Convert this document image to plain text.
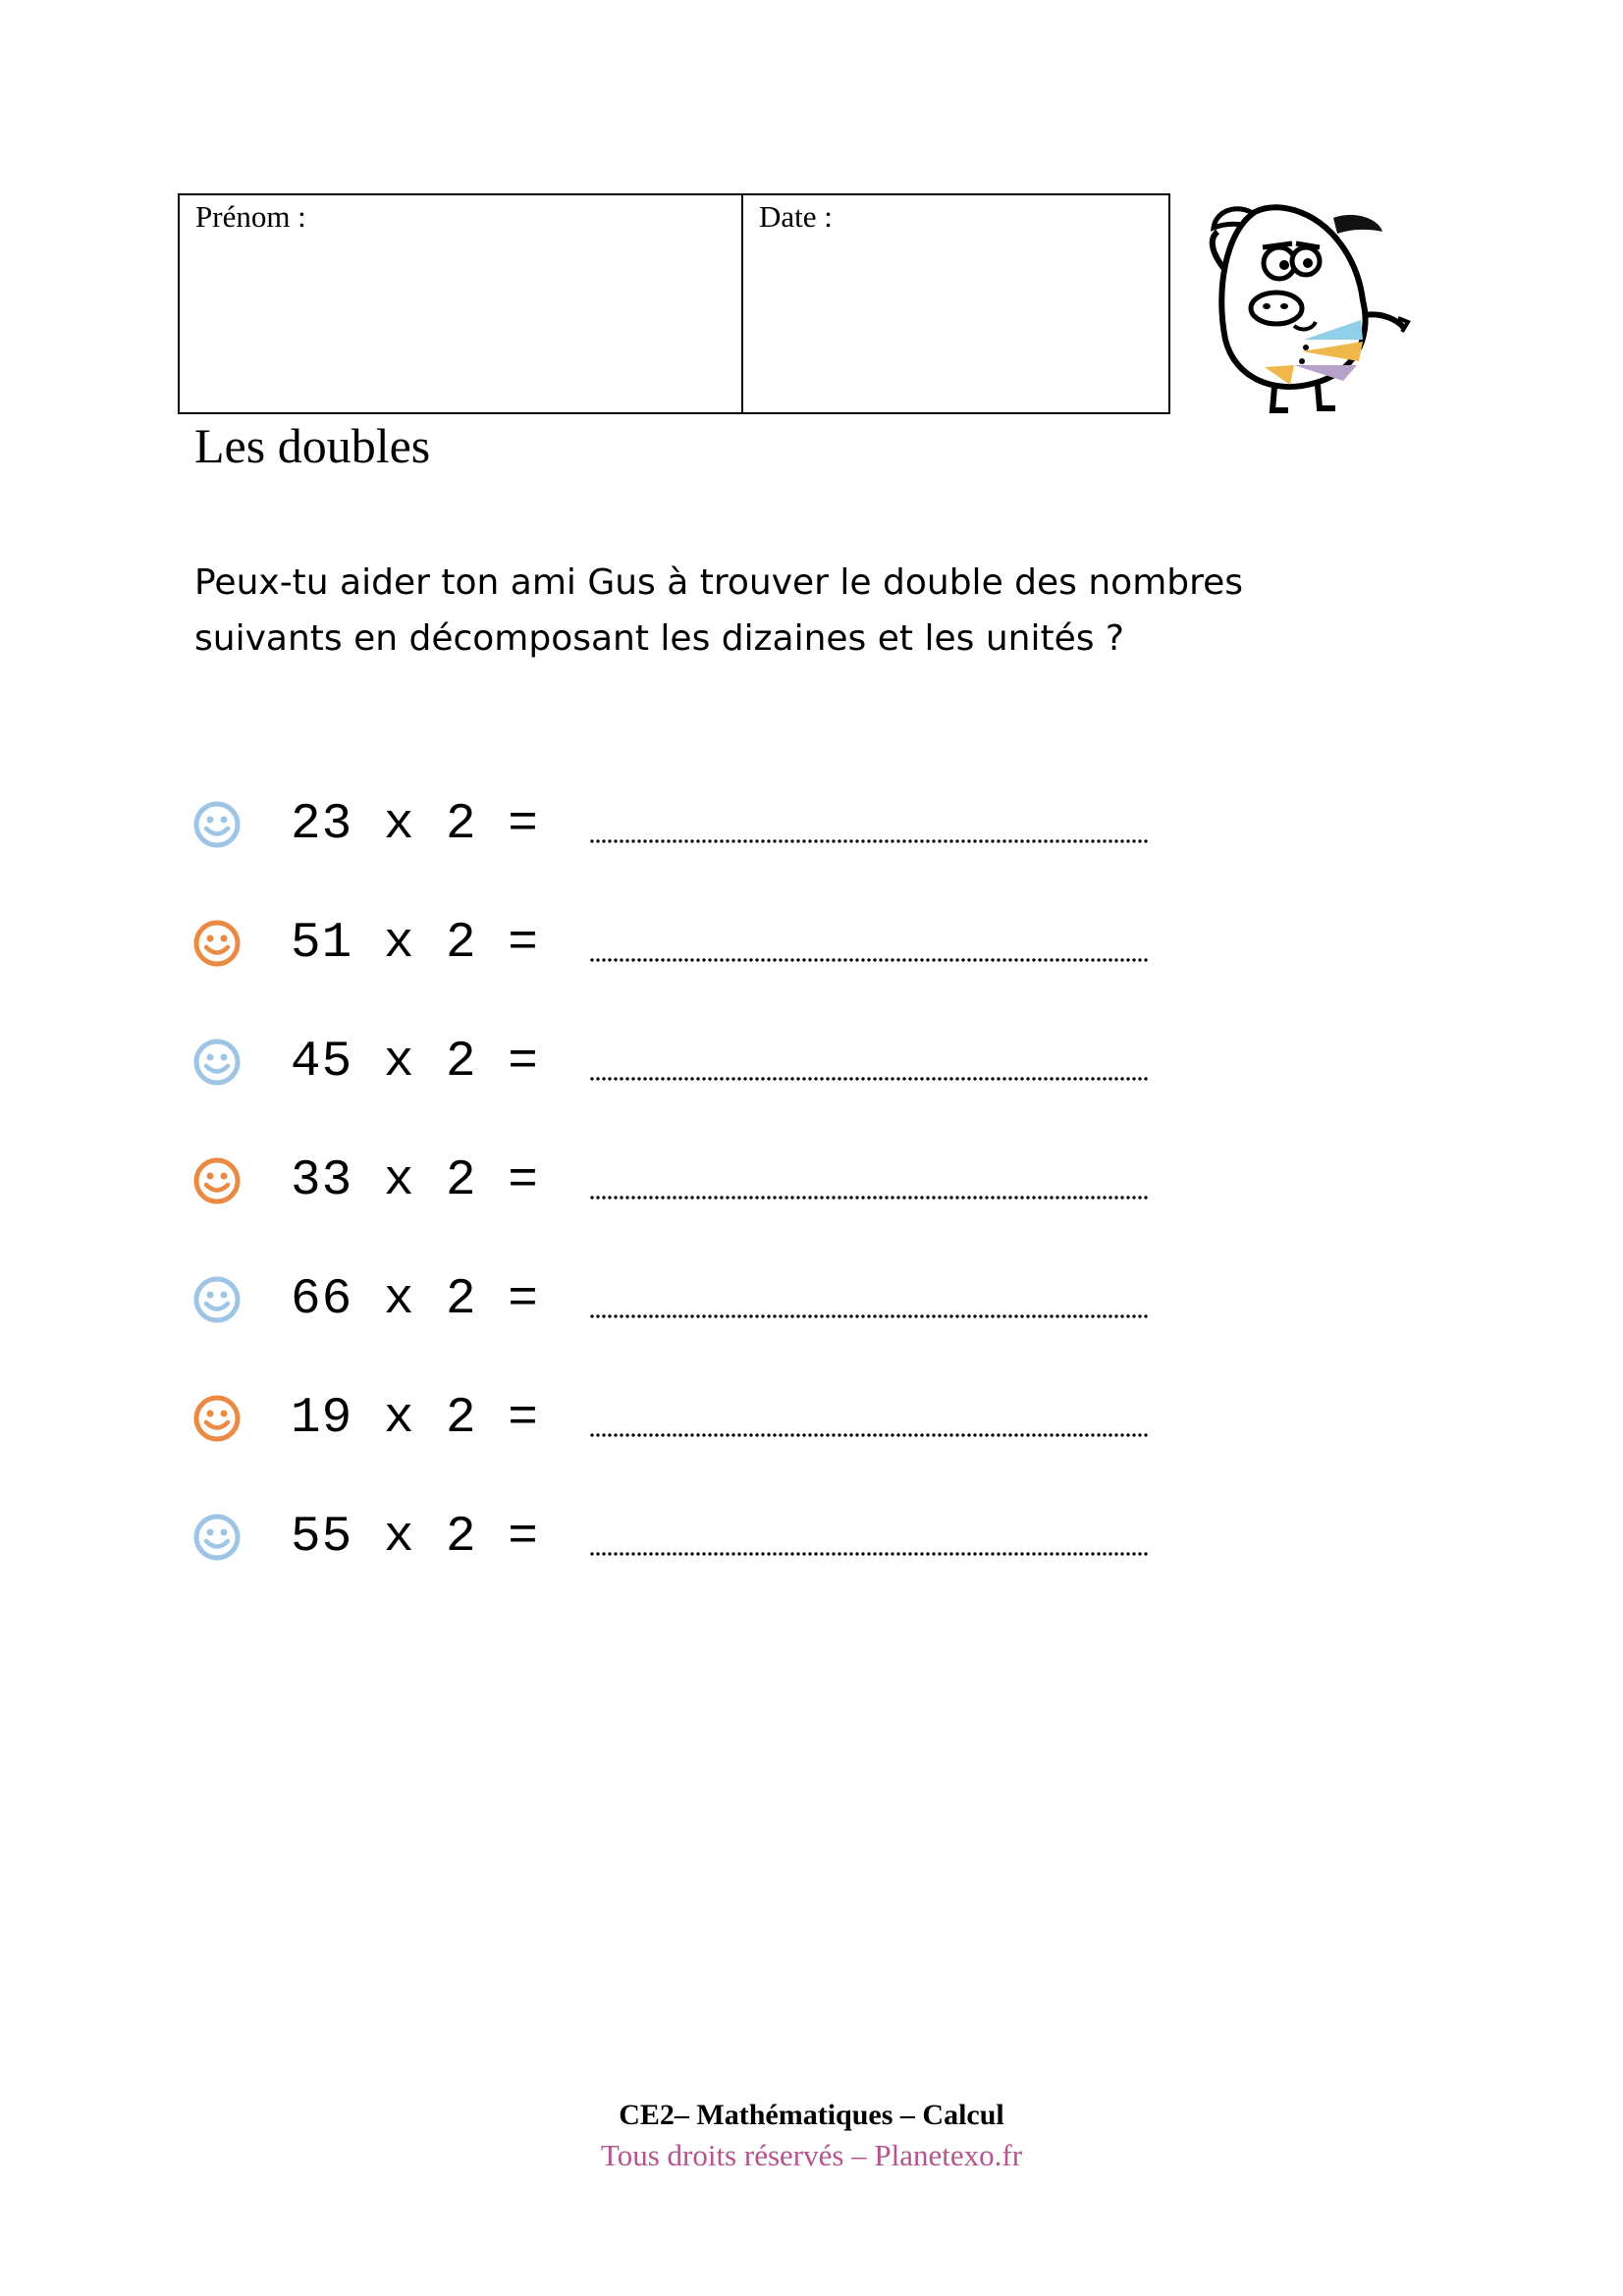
Prénom :	Date :
Les doubles
Peux-tu aider ton ami Gus à trouver le double des nombres
suivants en décomposant les dizaines et les unités ?
23 x 2 =
51 x 2 =
45 x 2 =
33 x 2 =
66 x 2 =
19 x 2 =
55 x 2 =
CE2– Mathématiques – Calcul
Tous droits réservés – Planetexo.fr
